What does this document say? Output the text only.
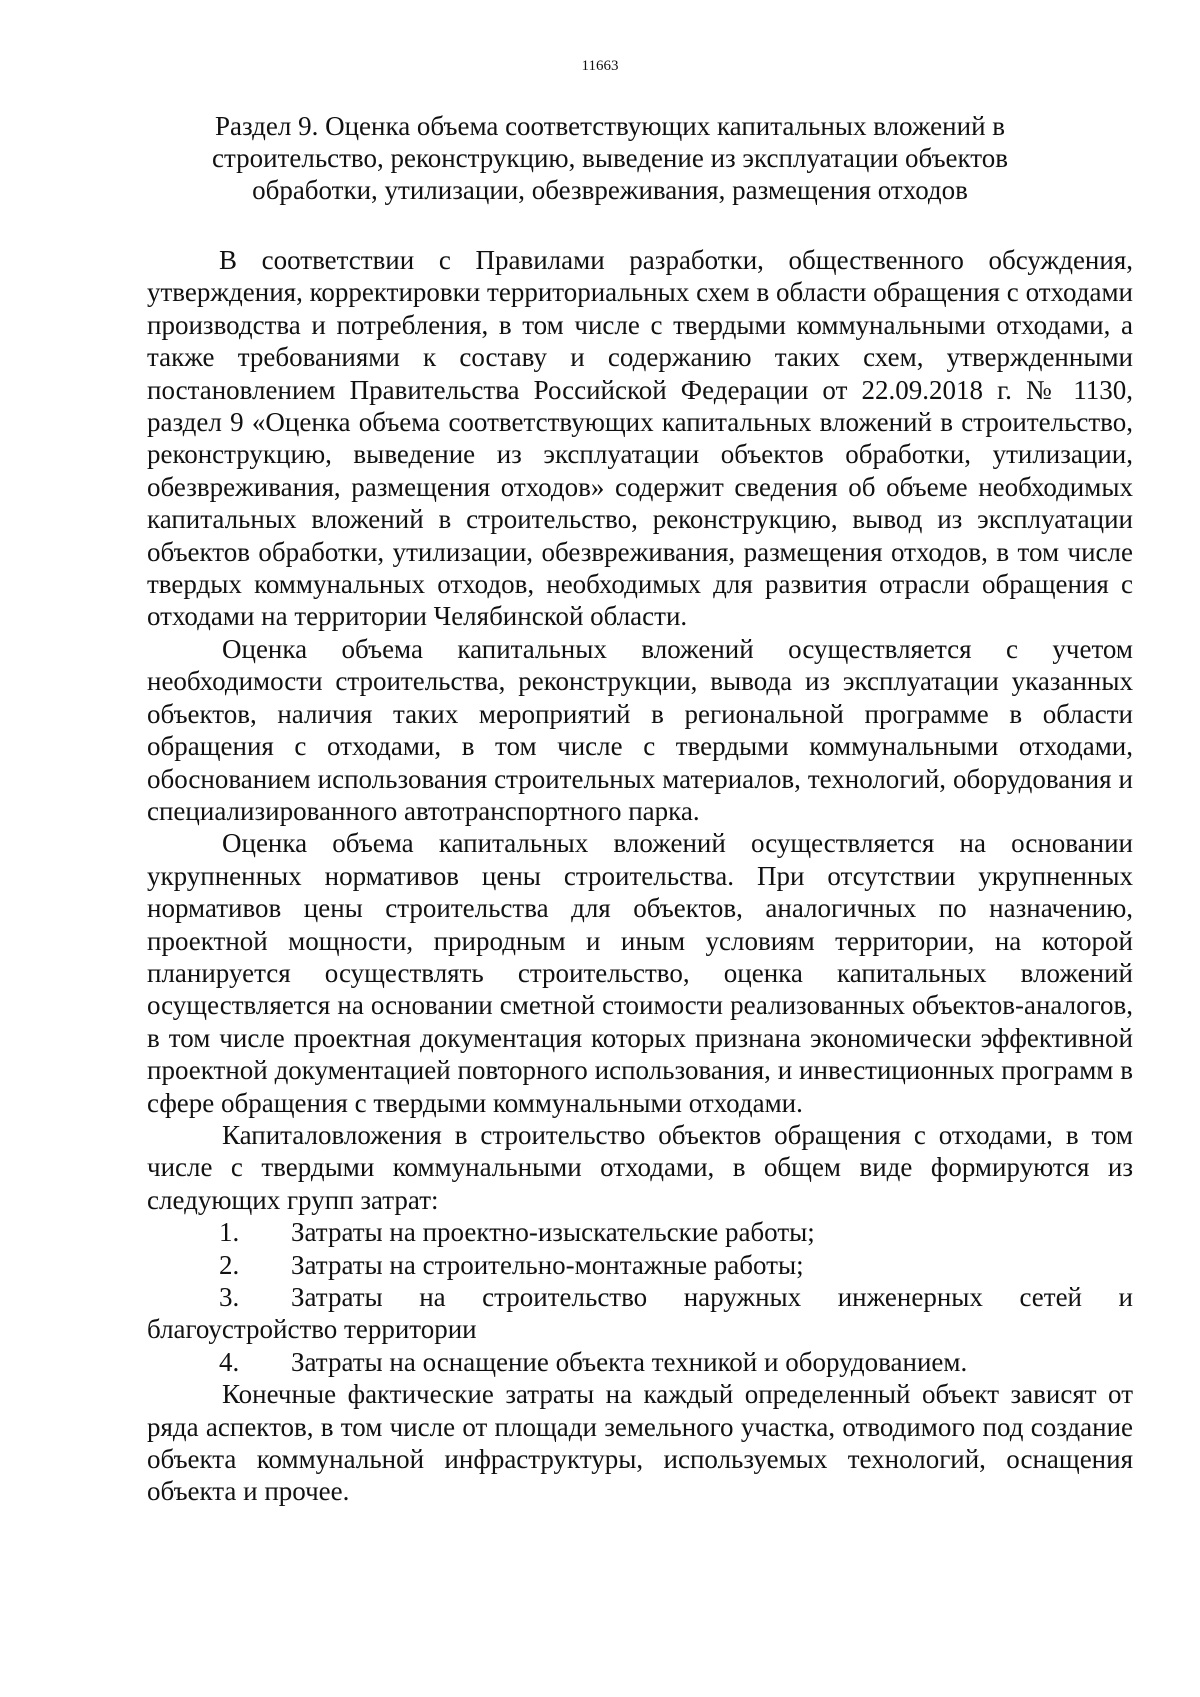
11663
Раздел 9. Оценка объема соответствующих капитальных вложений в
строительство, реконструкцию, выведение из эксплуатации объектов
обработки, утилизации, обезвреживания, размещения отходов

В соответствии с Правилами разработки, общественного обсуждения, утверждения, корректировки территориальных схем в области обращения с отходами производства и потребления, в том числе с твердыми коммунальными отходами, а также требованиями к составу и содержанию таких схем, утвержденными постановлением Правительства Российской Федерации от 22.09.2018 г. № 1130, раздел 9 «Оценка объема соответствующих капитальных вложений в строительство, реконструкцию, выведение из эксплуатации объектов обработки, утилизации, обезвреживания, размещения отходов» содержит сведения об объеме необходимых капитальных вложений в строительство, реконструкцию, вывод из эксплуатации объектов обработки, утилизации, обезвреживания, размещения отходов, в том числе твердых коммунальных отходов, необходимых для развития отрасли обращения с отходами на территории Челябинской области.

Оценка объема капитальных вложений осуществляется с учетом необходимости строительства, реконструкции, вывода из эксплуатации указанных объектов, наличия таких мероприятий в региональной программе в области обращения с отходами, в том числе с твердыми коммунальными отходами, обоснованием использования строительных материалов, технологий, оборудования и специализированного автотранспортного парка.

Оценка объема капитальных вложений осуществляется на основании укрупненных нормативов цены строительства. При отсутствии укрупненных нормативов цены строительства для объектов, аналогичных по назначению, проектной мощности, природным и иным условиям территории, на которой планируется осуществлять строительство, оценка капитальных вложений осуществляется на основании сметной стоимости реализованных объектов-аналогов, в том числе проектная документация которых признана экономически эффективной проектной документацией повторного использования, и инвестиционных программ в сфере обращения с твердыми коммунальными отходами.

Капиталовложения в строительство объектов обращения с отходами, в том числе с твердыми коммунальными отходами, в общем виде формируются из следующих групп затрат:

1. Затраты на проектно-изыскательские работы;

2. Затраты на строительно-монтажные работы;

3. Затраты на строительство наружных инженерных сетей и благоустройство территории

4. Затраты на оснащение объекта техникой и оборудованием.

Конечные фактические затраты на каждый определенный объект зависят от ряда аспектов, в том числе от площади земельного участка, отводимого под создание объекта коммунальной инфраструктуры, используемых технологий, оснащения объекта и прочее.
